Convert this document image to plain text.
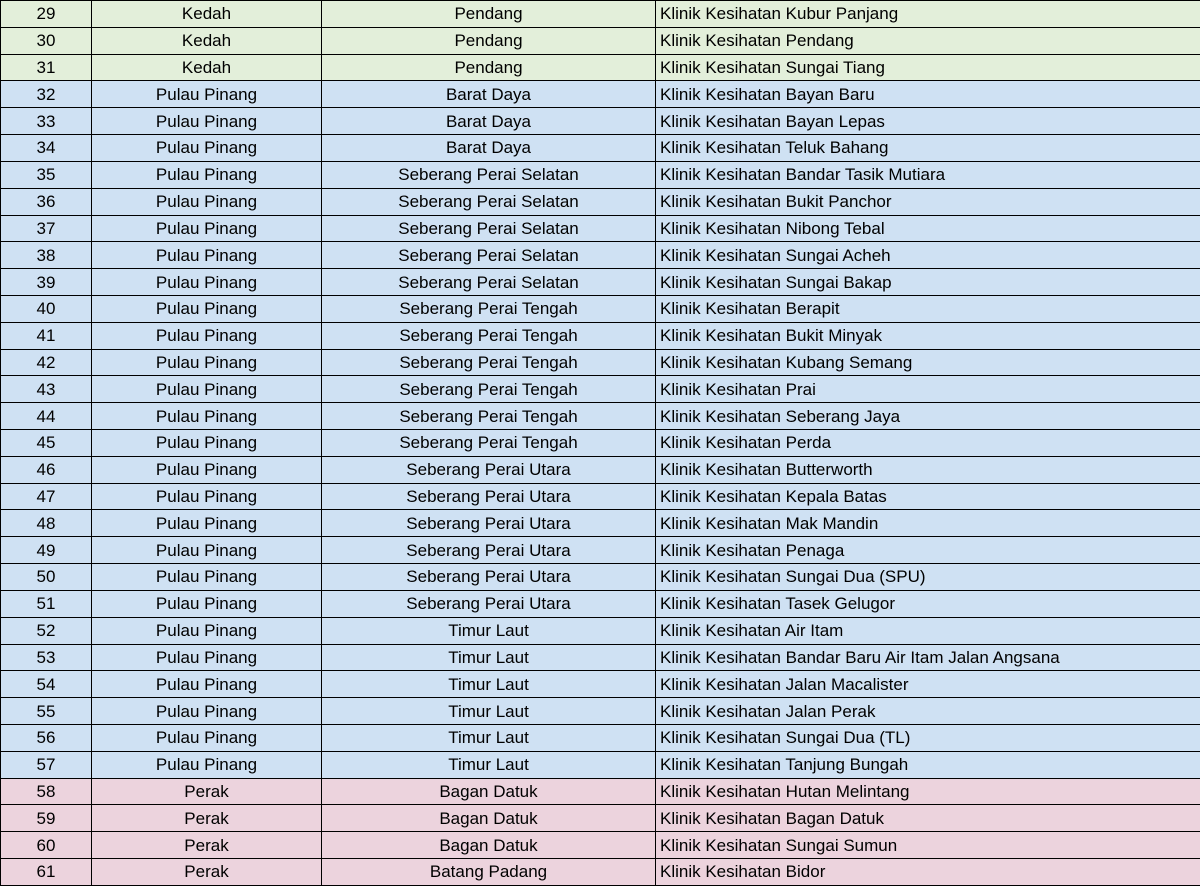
29	Kedah	Pendang	Klinik Kesihatan Kubur Panjang
30	Kedah	Pendang	Klinik Kesihatan Pendang
31	Kedah	Pendang	Klinik Kesihatan Sungai Tiang
32	Pulau Pinang	Barat Daya	Klinik Kesihatan Bayan Baru
33	Pulau Pinang	Barat Daya	Klinik Kesihatan Bayan Lepas
34	Pulau Pinang	Barat Daya	Klinik Kesihatan Teluk Bahang
35	Pulau Pinang	Seberang Perai Selatan	Klinik Kesihatan Bandar Tasik Mutiara
36	Pulau Pinang	Seberang Perai Selatan	Klinik Kesihatan Bukit Panchor
37	Pulau Pinang	Seberang Perai Selatan	Klinik Kesihatan Nibong Tebal
38	Pulau Pinang	Seberang Perai Selatan	Klinik Kesihatan Sungai Acheh
39	Pulau Pinang	Seberang Perai Selatan	Klinik Kesihatan Sungai Bakap
40	Pulau Pinang	Seberang Perai Tengah	Klinik Kesihatan Berapit
41	Pulau Pinang	Seberang Perai Tengah	Klinik Kesihatan Bukit Minyak
42	Pulau Pinang	Seberang Perai Tengah	Klinik Kesihatan Kubang Semang
43	Pulau Pinang	Seberang Perai Tengah	Klinik Kesihatan Prai
44	Pulau Pinang	Seberang Perai Tengah	Klinik Kesihatan Seberang Jaya
45	Pulau Pinang	Seberang Perai Tengah	Klinik Kesihatan Perda
46	Pulau Pinang	Seberang Perai Utara	Klinik Kesihatan Butterworth
47	Pulau Pinang	Seberang Perai Utara	Klinik Kesihatan Kepala Batas
48	Pulau Pinang	Seberang Perai Utara	Klinik Kesihatan Mak Mandin
49	Pulau Pinang	Seberang Perai Utara	Klinik Kesihatan Penaga
50	Pulau Pinang	Seberang Perai Utara	Klinik Kesihatan Sungai Dua (SPU)
51	Pulau Pinang	Seberang Perai Utara	Klinik Kesihatan Tasek Gelugor
52	Pulau Pinang	Timur Laut	Klinik Kesihatan Air Itam
53	Pulau Pinang	Timur Laut	Klinik Kesihatan Bandar Baru Air Itam Jalan Angsana
54	Pulau Pinang	Timur Laut	Klinik Kesihatan Jalan Macalister
55	Pulau Pinang	Timur Laut	Klinik Kesihatan Jalan Perak
56	Pulau Pinang	Timur Laut	Klinik Kesihatan Sungai Dua (TL)
57	Pulau Pinang	Timur Laut	Klinik Kesihatan Tanjung Bungah
58	Perak	Bagan Datuk	Klinik Kesihatan Hutan Melintang
59	Perak	Bagan Datuk	Klinik Kesihatan Bagan Datuk
60	Perak	Bagan Datuk	Klinik Kesihatan Sungai Sumun
61	Perak	Batang Padang	Klinik Kesihatan Bidor
